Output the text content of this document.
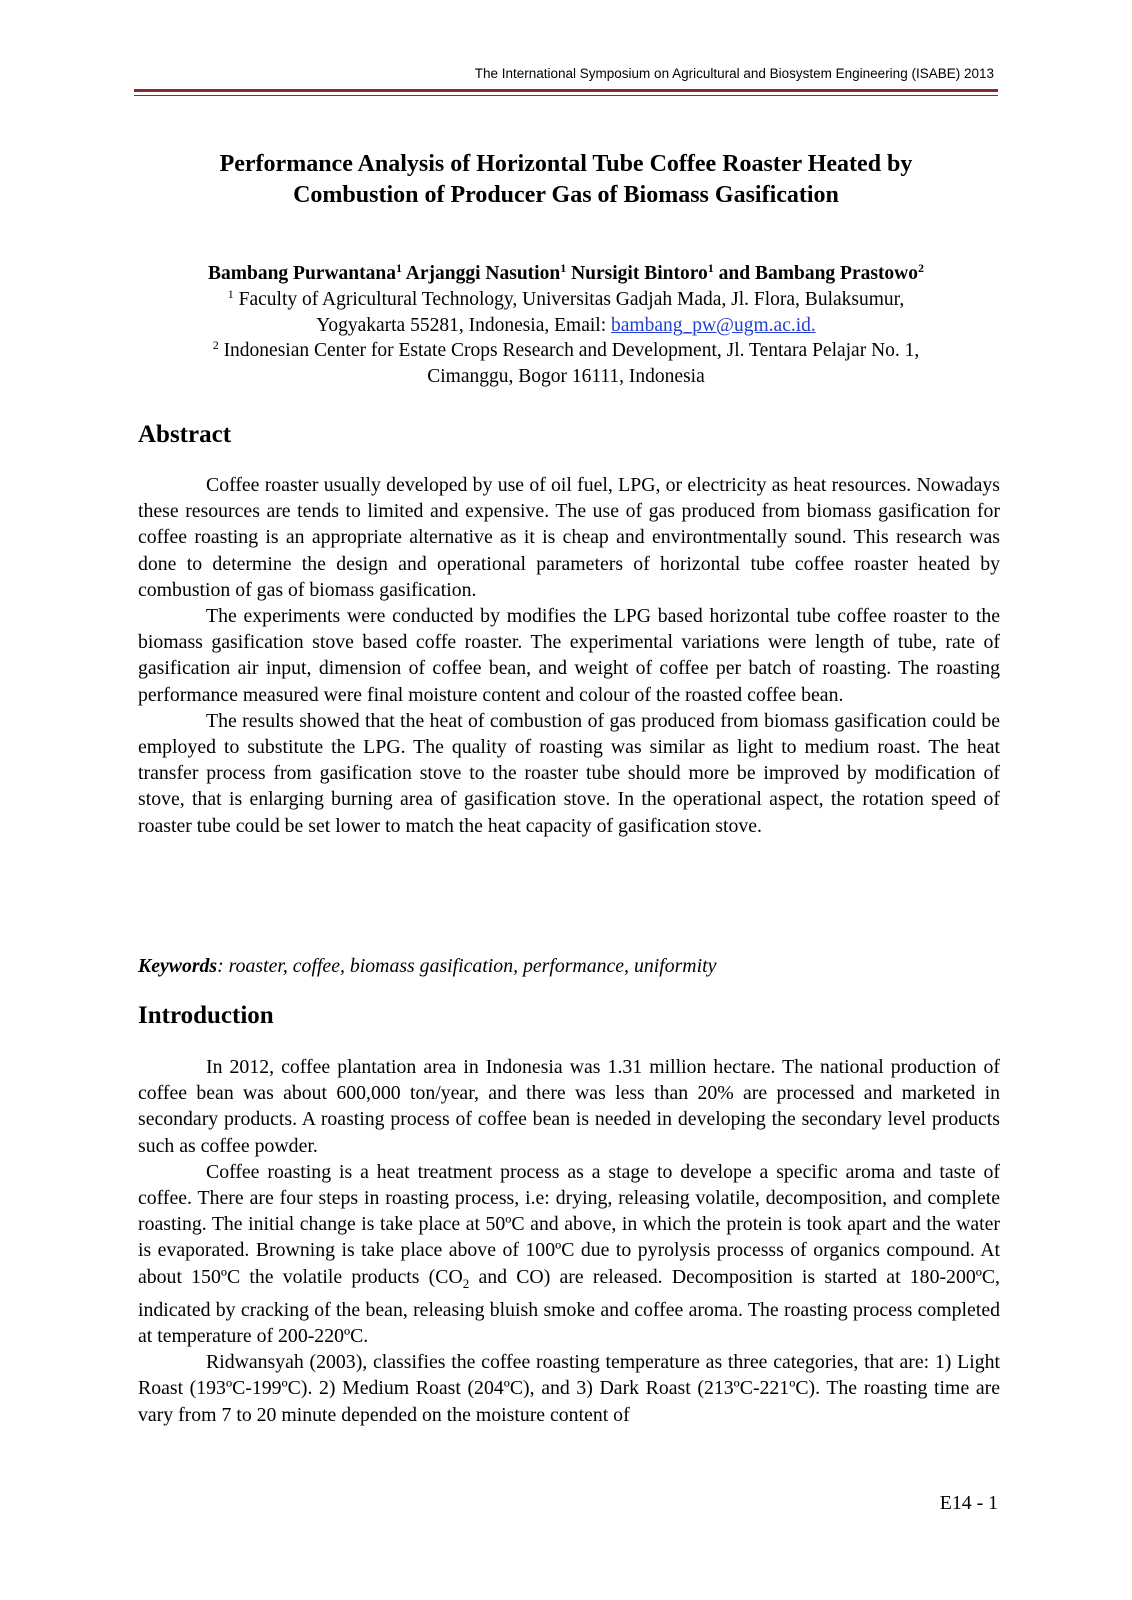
The International Symposium on Agricultural and Biosystem Engineering (ISABE) 2013
Performance Analysis of Horizontal Tube Coffee Roaster Heated by
Combustion of Producer Gas of Biomass Gasification
Bambang Purwantana$^1$ Arjanggi Nasution$^1$ Nursigit Bintoro$^1$ and Bambang Prastowo$^2$
$^1$ Faculty of Agricultural Technology, Universitas Gadjah Mada, Jl. Flora, Bulaksumur,
Yogyakarta 55281, Indonesia, Email: bambang_pw@ugm.ac.id.
$^2$ Indonesian Center for Estate Crops Research and Development, Jl. Tentara Pelajar No. 1,
Cimanggu, Bogor 16111, Indonesia
Abstract

Coffee roaster usually developed by use of oil fuel, LPG, or electricity as heat resources. Nowadays these resources are tends to limited and expensive. The use of gas produced from biomass gasification for coffee roasting is an appropriate alternative as it is cheap and environtmentally sound. This research was done to determine the design and operational parameters of horizontal tube coffee roaster heated by combustion of gas of biomass gasification.

The experiments were conducted by modifies the LPG based horizontal tube coffee roaster to the biomass gasification stove based coffe roaster. The experimental variations were length of tube, rate of gasification air input, dimension of coffee bean, and weight of coffee per batch of roasting. The roasting performance measured were final moisture content and colour of the roasted coffee bean.

The results showed that the heat of combustion of gas produced from biomass gasification could be employed to substitute the LPG. The quality of roasting was similar as light to medium roast. The heat transfer process from gasification stove to the roaster tube should more be improved by modification of stove, that is enlarging burning area of gasification stove. In the operational aspect, the rotation speed of roaster tube could be set lower to match the heat capacity of gasification stove.

Keywords: roaster, coffee, biomass gasification, performance, uniformity
Introduction

In 2012, coffee plantation area in Indonesia was 1.31 million hectare. The national production of coffee bean was about 600,000 ton/year, and there was less than 20% are processed and marketed in secondary products. A roasting process of coffee bean is needed in developing the secondary level products such as coffee powder.

Coffee roasting is a heat treatment process as a stage to develope a specific aroma and taste of coffee. There are four steps in roasting process, i.e: drying, releasing volatile, decomposition, and complete roasting. The initial change is take place at 50ºC and above, in which the protein is took apart and the water is evaporated. Browning is take place above of 100ºC due to pyrolysis processs of organics compound. At about 150ºC the volatile products ($CO_2$ and CO) are released. Decomposition is started at 180-200ºC, indicated by cracking of the bean, releasing bluish smoke and coffee aroma. The roasting process completed at temperature of 200-220ºC.

Ridwansyah (2003), classifies the coffee roasting temperature as three categories, that are: 1) Light Roast (193ºC-199ºC). 2) Medium Roast (204ºC), and 3) Dark Roast (213ºC-221ºC). The roasting time are vary from 7 to 20 minute depended on the moisture content of

E14 - 1
